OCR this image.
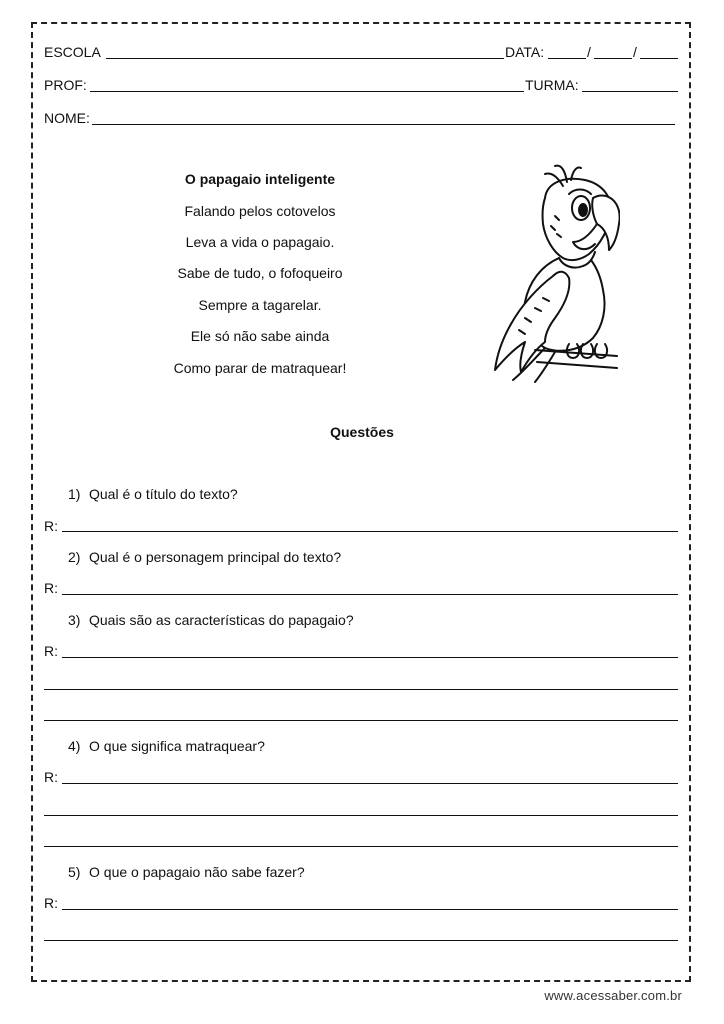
ESCOLA	DATA:	/	/
PROF:	TURMA:
NOME:
O papagaio inteligente
Falando pelos cotovelos
Leva a vida o papagaio.
Sabe de tudo, o fofoqueiro
Sempre a tagarelar.
Ele só não sabe ainda
Como parar de matraquear!
Questões
1) Qual é o título do texto?
R:
2) Qual é o personagem principal do texto?
R:
3) Quais são as características do papagaio?
R:
4) O que significa matraquear?
R:
5) O que o papagaio não sabe fazer?
R:
www.acessaber.com.br
